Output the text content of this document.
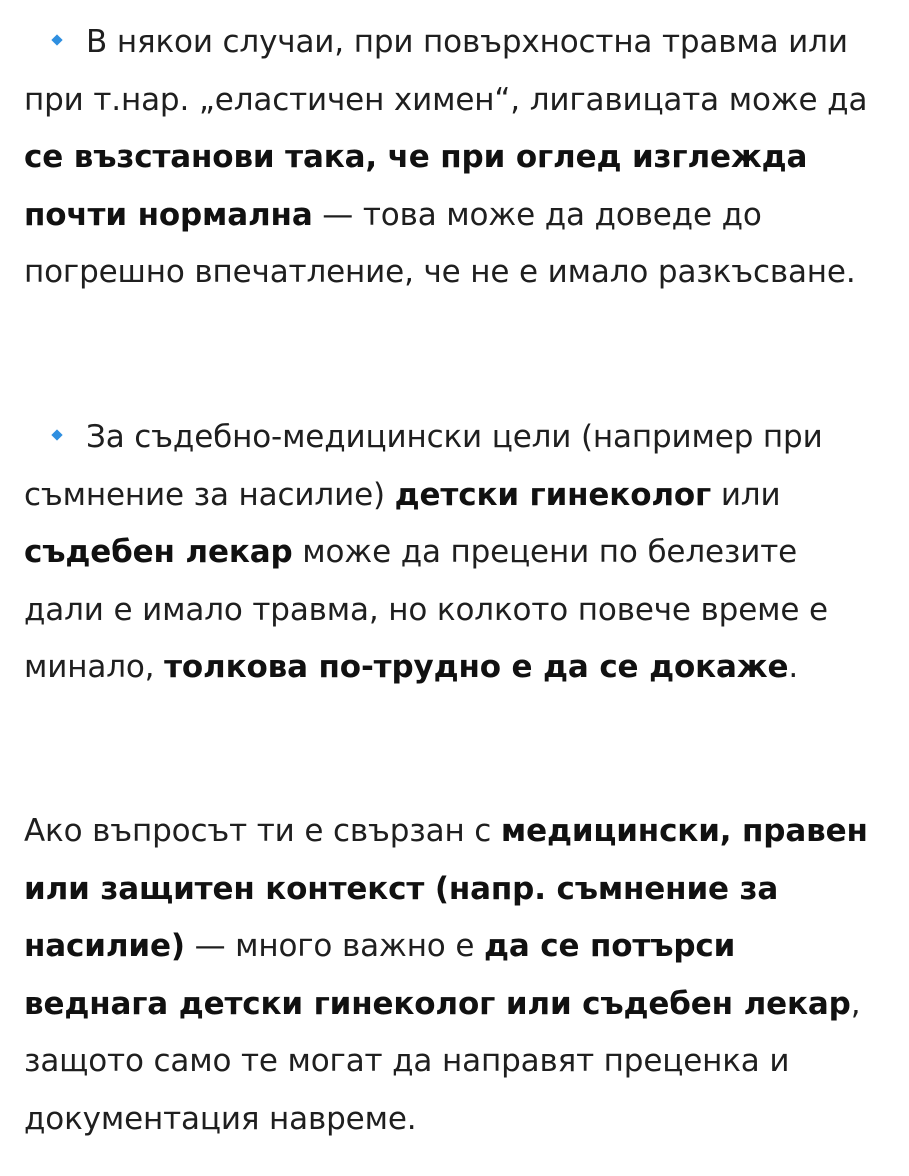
В някои случаи, при повърхностна травма или при т.нар. „еластичен химен“, лигавицата може да се възстанови така, че при оглед изглежда почти нормална — това може да доведе до погрешно впечатление, че не е имало разкъсване.
За съдебно-медицински цели (например при съмнение за насилие) детски гинеколог или съдебен лекар може да прецени по белезите дали е имало травма, но колкото повече време е минало, толкова по-трудно е да се докаже.
Ако въпросът ти е свързан с медицински, правен или защитен контекст (напр. съмнение за насилие) — много важно е да се потърси веднага детски гинеколог или съдебен лекар, защото само те могат да направят преценка и документация навреме.
